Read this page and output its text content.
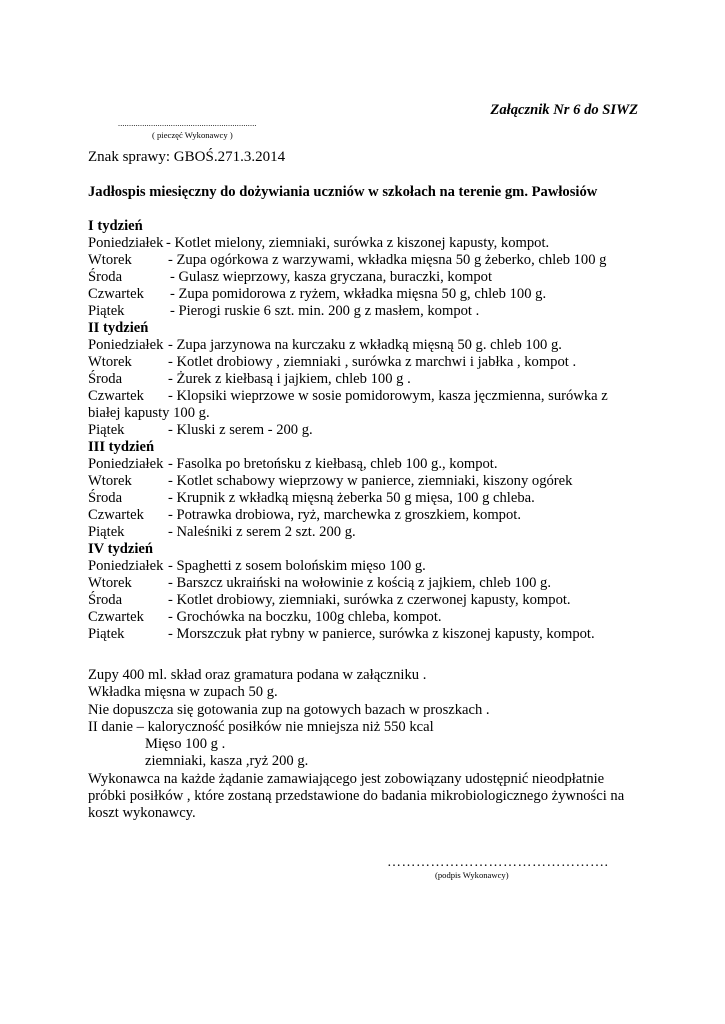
Załącznik Nr 6 do SIWZ
...............................................................
( pieczęć Wykonawcy )
Znak sprawy: GBOŚ.271.3.2014
Jadłospis miesięczny do dożywiania uczniów w szkołach na terenie gm. Pawłosiów
I tydzień
Poniedziałek - Kotlet mielony, ziemniaki, surówka z kiszonej kapusty, kompot.
Wtorek	- Zupa ogórkowa z warzywami, wkładka mięsna 50 g żeberko, chleb 100 g
Środa	- Gulasz wieprzowy, kasza gryczana, buraczki, kompot
Czwartek	- Zupa pomidorowa z ryżem, wkładka mięsna 50 g, chleb 100 g.
Piątek	- Pierogi ruskie 6 szt. min. 200 g z masłem, kompot .
II tydzień
Poniedziałek - Zupa jarzynowa na kurczaku z wkładką mięsną 50 g. chleb 100 g.
Wtorek	- Kotlet drobiowy , ziemniaki , surówka z marchwi i jabłka , kompot .
Środa	- Żurek z kiełbasą i jajkiem, chleb 100 g .
Czwartek	- Klopsiki wieprzowe w sosie pomidorowym, kasza jęczmienna, surówka z
białej kapusty 100 g.
Piątek	- Kluski z serem - 200 g.
III tydzień
Poniedziałek - Fasolka po bretońsku z kiełbasą, chleb 100 g., kompot.
Wtorek	- Kotlet schabowy wieprzowy w panierce, ziemniaki, kiszony ogórek
Środa	- Krupnik z wkładką mięsną żeberka 50 g mięsa, 100 g chleba.
Czwartek	- Potrawka drobiowa, ryż, marchewka z groszkiem, kompot.
Piątek	- Naleśniki z serem 2 szt. 200 g.
IV tydzień
Poniedziałek - Spaghetti z sosem bolońskim mięso 100 g.
Wtorek	- Barszcz ukraiński na wołowinie z kością z jajkiem, chleb 100 g.
Środa	- Kotlet drobiowy, ziemniaki, surówka z czerwonej kapusty, kompot.
Czwartek	- Grochówka na boczku, 100g chleba, kompot.
Piątek	- Morszczuk płat rybny w panierce, surówka z kiszonej kapusty, kompot.
Zupy 400 ml. skład oraz gramatura podana w załączniku .
Wkładka mięsna w zupach 50 g.
Nie dopuszcza się gotowania zup na gotowych bazach w proszkach .
II danie – kaloryczność posiłków nie mniejsza niż 550 kcal
Mięso 100 g .
ziemniaki, kasza ,ryż 200 g.
Wykonawca na każde żądanie zamawiającego jest zobowiązany udostępnić nieodpłatnie
próbki posiłków , które zostaną przedstawione do badania mikrobiologicznego żywności na
koszt wykonawcy.
……………………………………….
(podpis Wykonawcy)
